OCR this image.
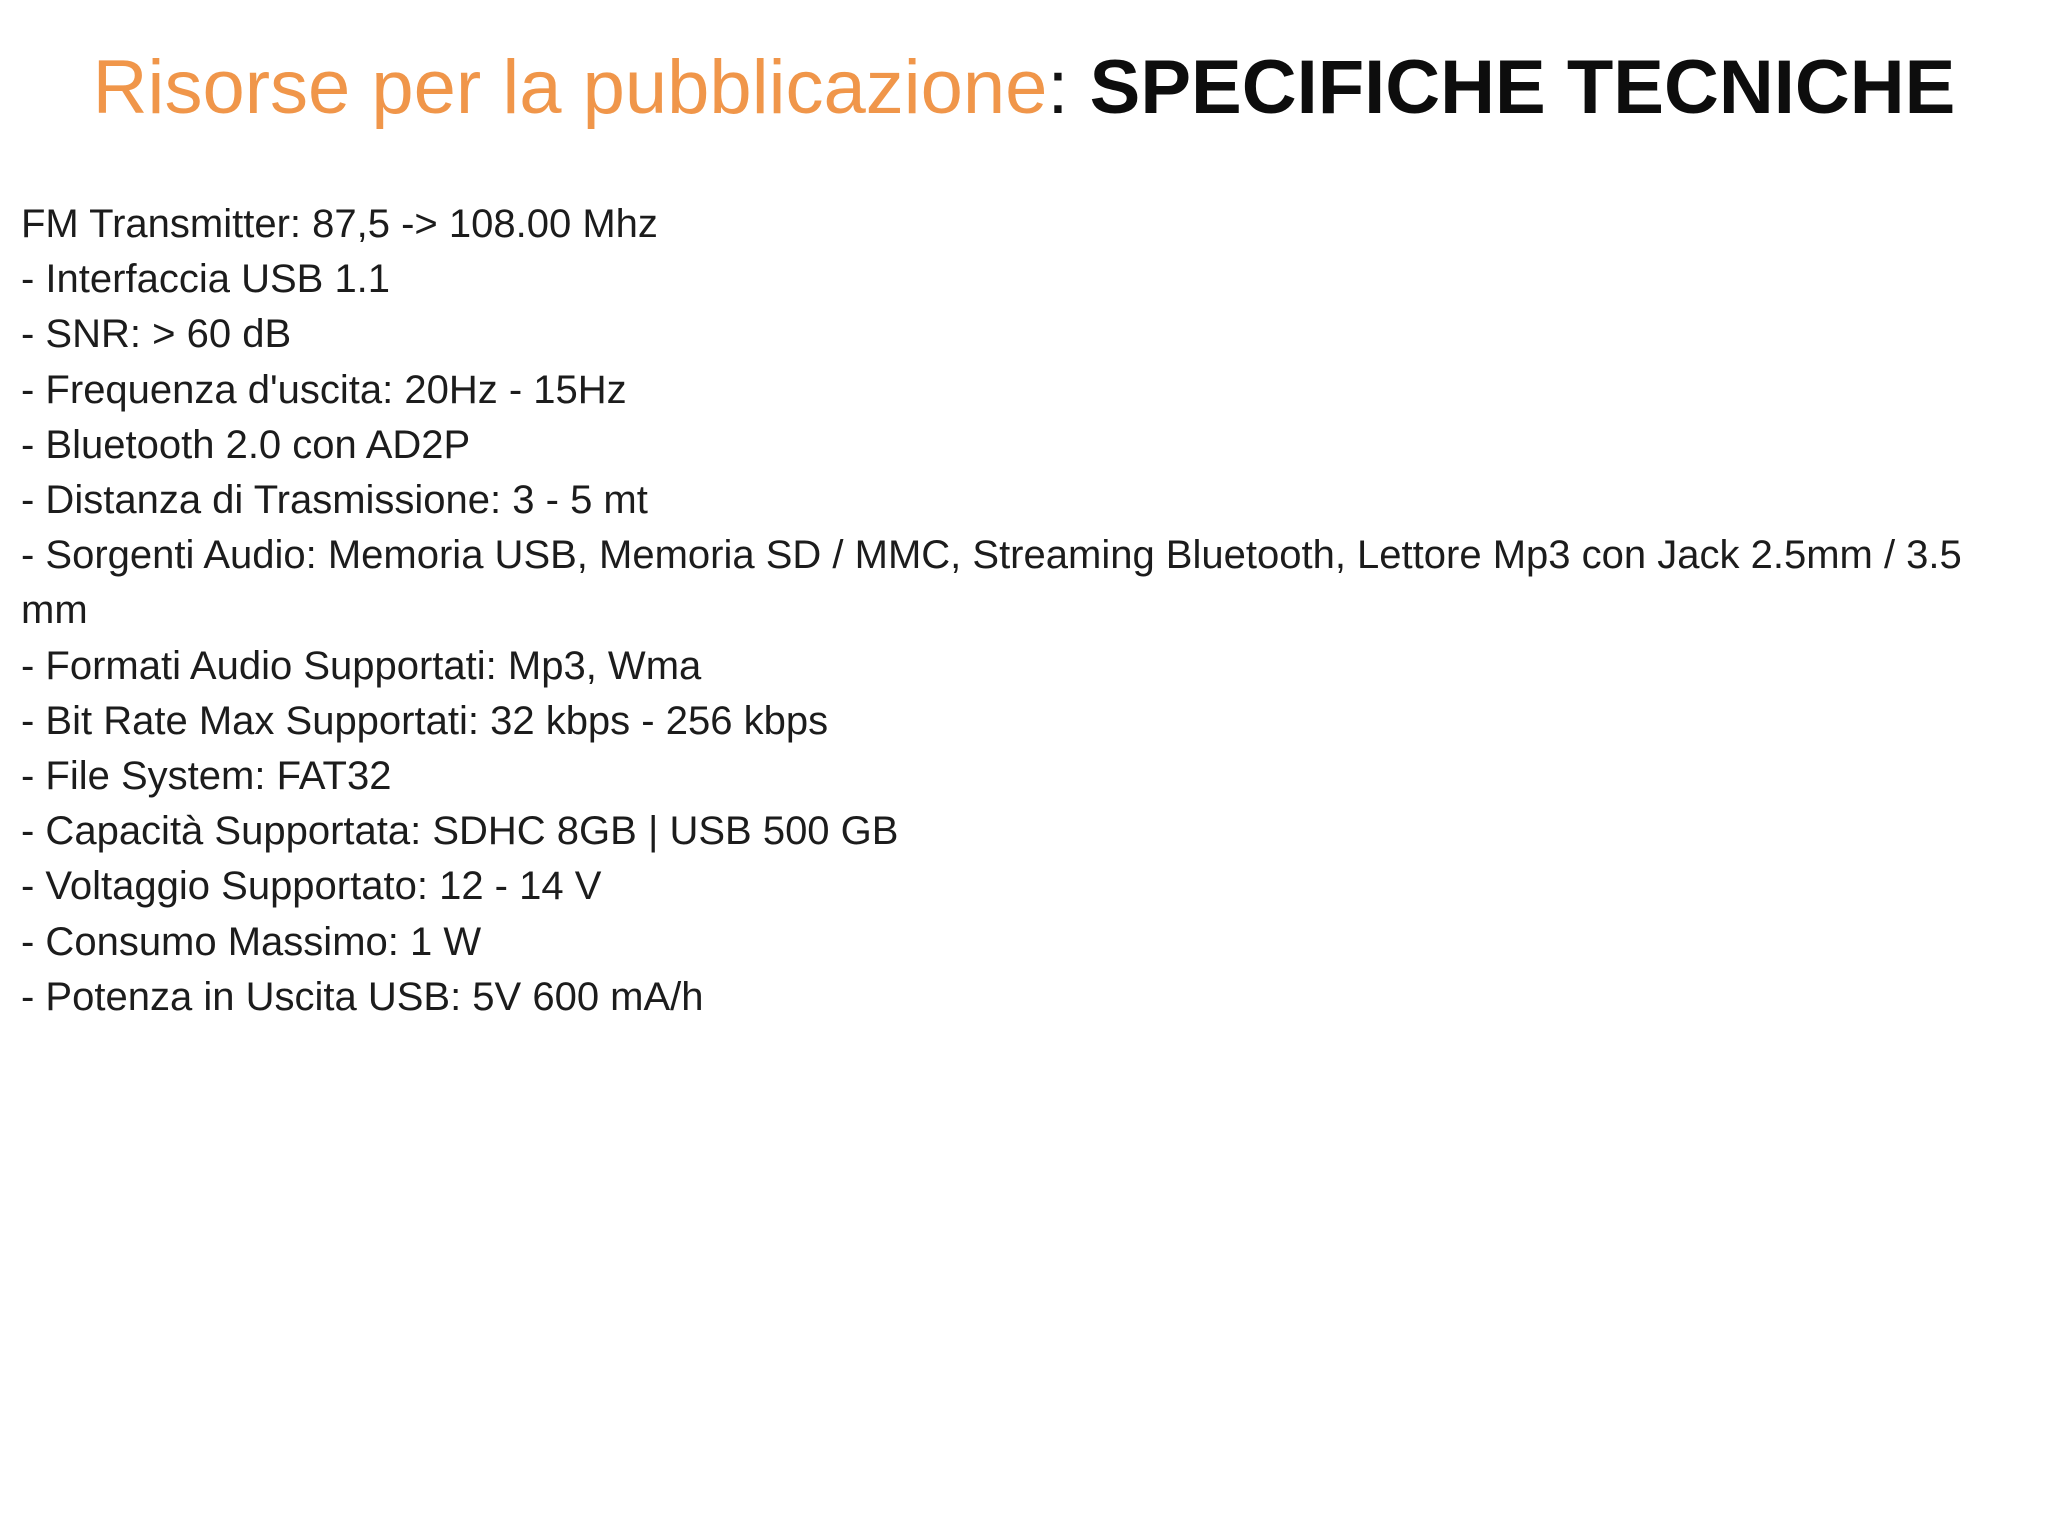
Risorse per la pubblicazione: SPECIFICHE TECNICHE
FM Transmitter: 87,5 -> 108.00 Mhz
- Interfaccia USB 1.1
- SNR: > 60 dB
- Frequenza d'uscita: 20Hz - 15Hz
- Bluetooth 2.0 con AD2P
- Distanza di Trasmissione: 3 - 5 mt
- Sorgenti Audio: Memoria USB, Memoria SD / MMC, Streaming Bluetooth, Lettore Mp3 con Jack 2.5mm / 3.5 mm
- Formati Audio Supportati: Mp3, Wma
- Bit Rate Max Supportati: 32 kbps - 256 kbps
- File System: FAT32
- Capacità Supportata: SDHC 8GB | USB 500 GB
- Voltaggio Supportato: 12 - 14 V
- Consumo Massimo: 1 W
- Potenza in Uscita USB: 5V 600 mA/h
